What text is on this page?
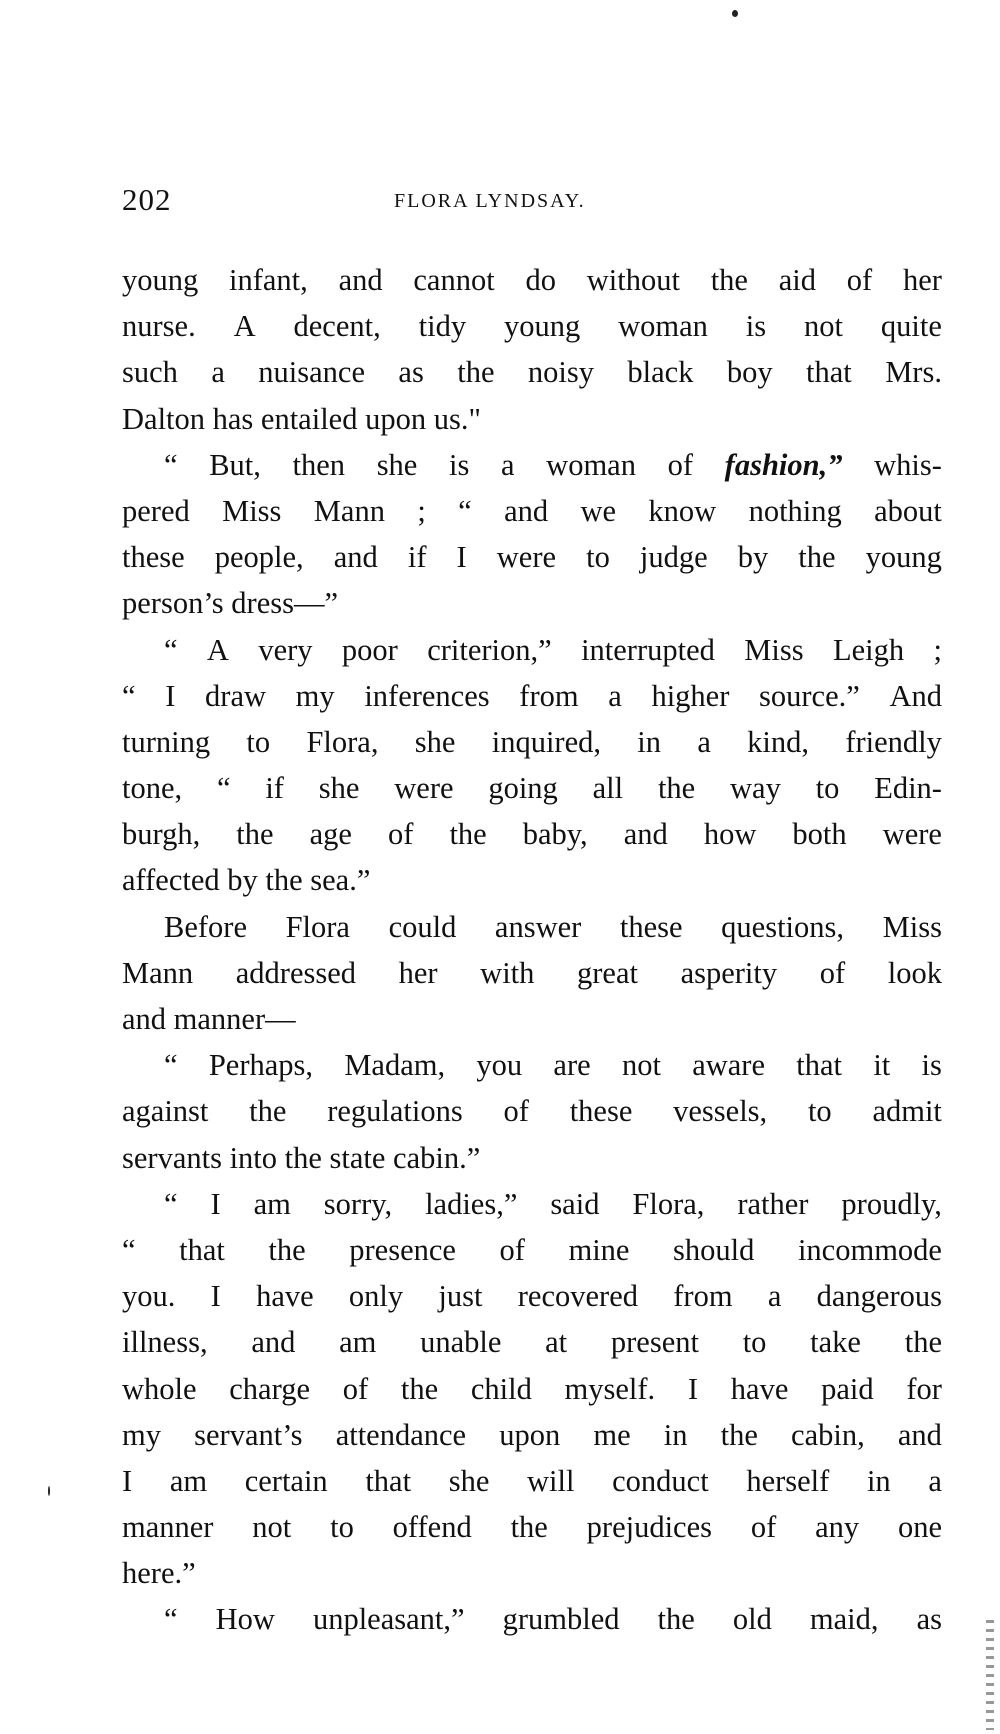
202	FLORA LYNDSAY.
young infant, and cannot do without the aid of her
nurse. A decent, tidy young woman is not quite
such a nuisance as the noisy black boy that Mrs.
Dalton has entailed upon us."
“ But, then she is a woman of fashion,” whis-
pered Miss Mann ; “ and we know nothing about
these people, and if I were to judge by the young
person’s dress—”
“ A very poor criterion,” interrupted Miss Leigh ;
“ I draw my inferences from a higher source.” And
turning to Flora, she inquired, in a kind, friendly
tone, “ if she were going all the way to Edin-
burgh, the age of the baby, and how both were
affected by the sea.”
Before Flora could answer these questions, Miss
Mann addressed her with great asperity of look
and manner—
“ Perhaps, Madam, you are not aware that it is
against the regulations of these vessels, to admit
servants into the state cabin.”
“ I am sorry, ladies,” said Flora, rather proudly,
“ that the presence of mine should incommode
you. I have only just recovered from a dangerous
illness, and am unable at present to take the
whole charge of the child myself. I have paid for
my servant’s attendance upon me in the cabin, and
I am certain that she will conduct herself in a
manner not to offend the prejudices of any one
here.”
“ How unpleasant,” grumbled the old maid, as
